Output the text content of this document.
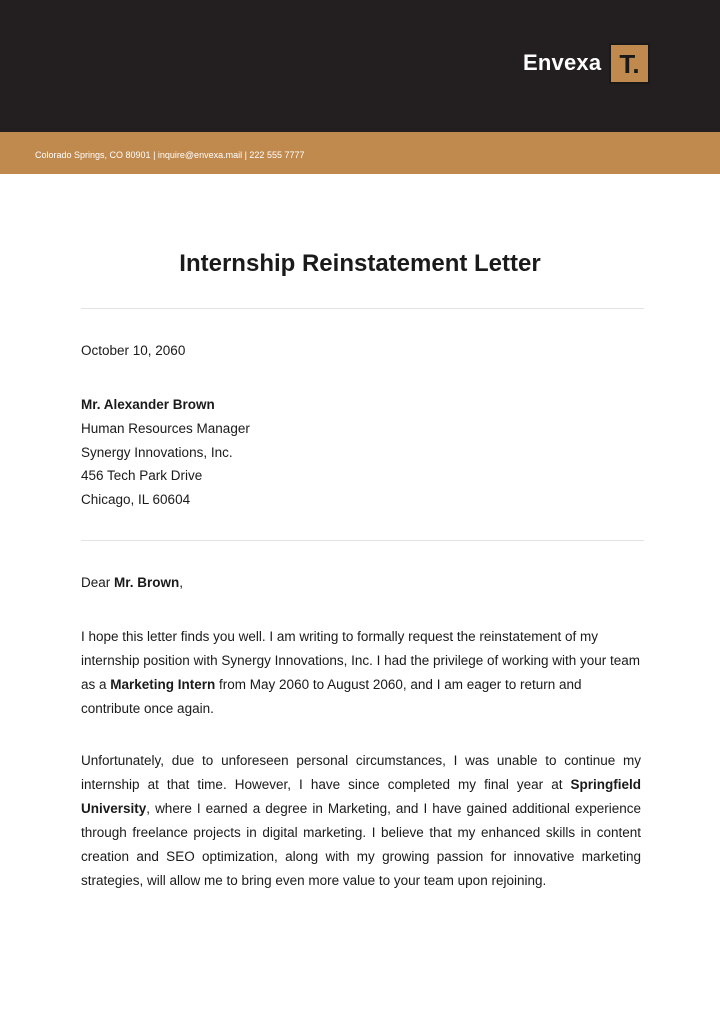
Envexa T.
Colorado Springs, CO 80901 | inquire@envexa.mail | 222 555 7777
Internship Reinstatement Letter
October 10, 2060
Mr. Alexander Brown
Human Resources Manager
Synergy Innovations, Inc.
456 Tech Park Drive
Chicago, IL 60604
Dear Mr. Brown,
I hope this letter finds you well. I am writing to formally request the reinstatement of my internship position with Synergy Innovations, Inc. I had the privilege of working with your team as a Marketing Intern from May 2060 to August 2060, and I am eager to return and contribute once again.
Unfortunately, due to unforeseen personal circumstances, I was unable to continue my internship at that time. However, I have since completed my final year at Springfield University, where I earned a degree in Marketing, and I have gained additional experience through freelance projects in digital marketing. I believe that my enhanced skills in content creation and SEO optimization, along with my growing passion for innovative marketing strategies, will allow me to bring even more value to your team upon rejoining.
